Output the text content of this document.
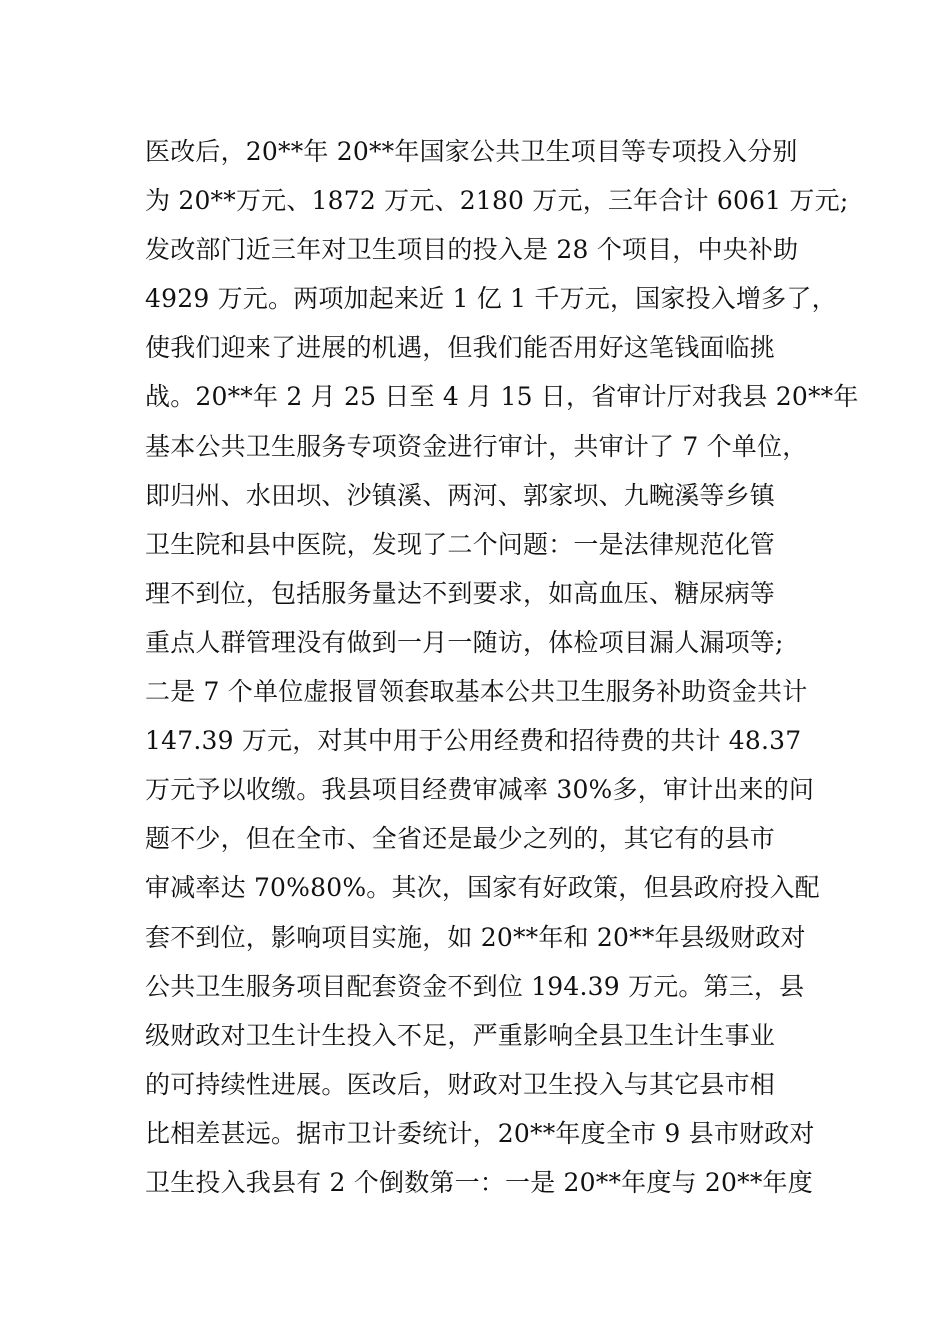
医改后，20**年 20**年国家公共卫生项目等专项投入分别
为 20**万元、1872 万元、2180 万元，三年合计 6061 万元;
发改部门近三年对卫生项目的投入是 28 个项目，中央补助
4929 万元。两项加起来近 1 亿 1 千万元，国家投入增多了，
使我们迎来了进展的机遇，但我们能否用好这笔钱面临挑
战。20**年 2 月 25 日至 4 月 15 日，省审计厅对我县 20**年
基本公共卫生服务专项资金进行审计，共审计了 7 个单位，
即归州、水田坝、沙镇溪、两河、郭家坝、九畹溪等乡镇
卫生院和县中医院，发现了二个问题：一是法律规范化管
理不到位，包括服务量达不到要求，如高血压、糖尿病等
重点人群管理没有做到一月一随访，体检项目漏人漏项等;
二是 7 个单位虚报冒领套取基本公共卫生服务补助资金共计
147.39 万元，对其中用于公用经费和招待费的共计 48.37
万元予以收缴。我县项目经费审减率 30%多，审计出来的问
题不少，但在全市、全省还是最少之列的，其它有的县市
审减率达 70%80%。其次，国家有好政策，但县政府投入配
套不到位，影响项目实施，如 20**年和 20**年县级财政对
公共卫生服务项目配套资金不到位 194.39 万元。第三，县
级财政对卫生计生投入不足，严重影响全县卫生计生事业
的可持续性进展。医改后，财政对卫生投入与其它县市相
比相差甚远。据市卫计委统计，20**年度全市 9 县市财政对
卫生投入我县有 2 个倒数第一：一是 20**年度与 20**年度
